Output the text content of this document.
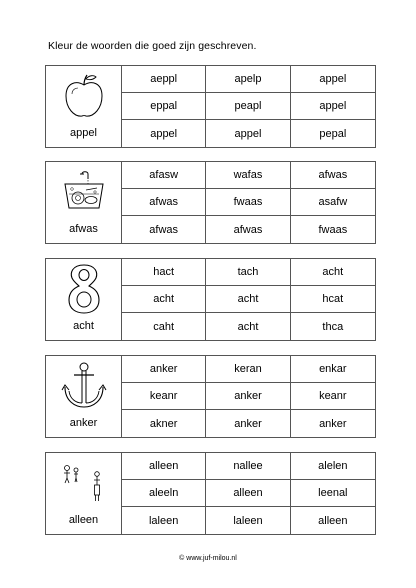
Kleur de woorden die goed zijn geschreven.
appel
aeppl	apelp	appel
eppal	peapl	appel
appel	appel	pepal
afwas
afasw	wafas	afwas
afwas	fwaas	asafw
afwas	afwas	fwaas
acht
hact	tach	acht
acht	acht	hcat
caht	acht	thca
anker
anker	keran	enkar
keanr	anker	keanr
akner	anker	anker
alleen
alleen	nallee	alelen
aleeln	alleen	leenal
laleen	laleen	alleen
© www.juf-milou.nl
